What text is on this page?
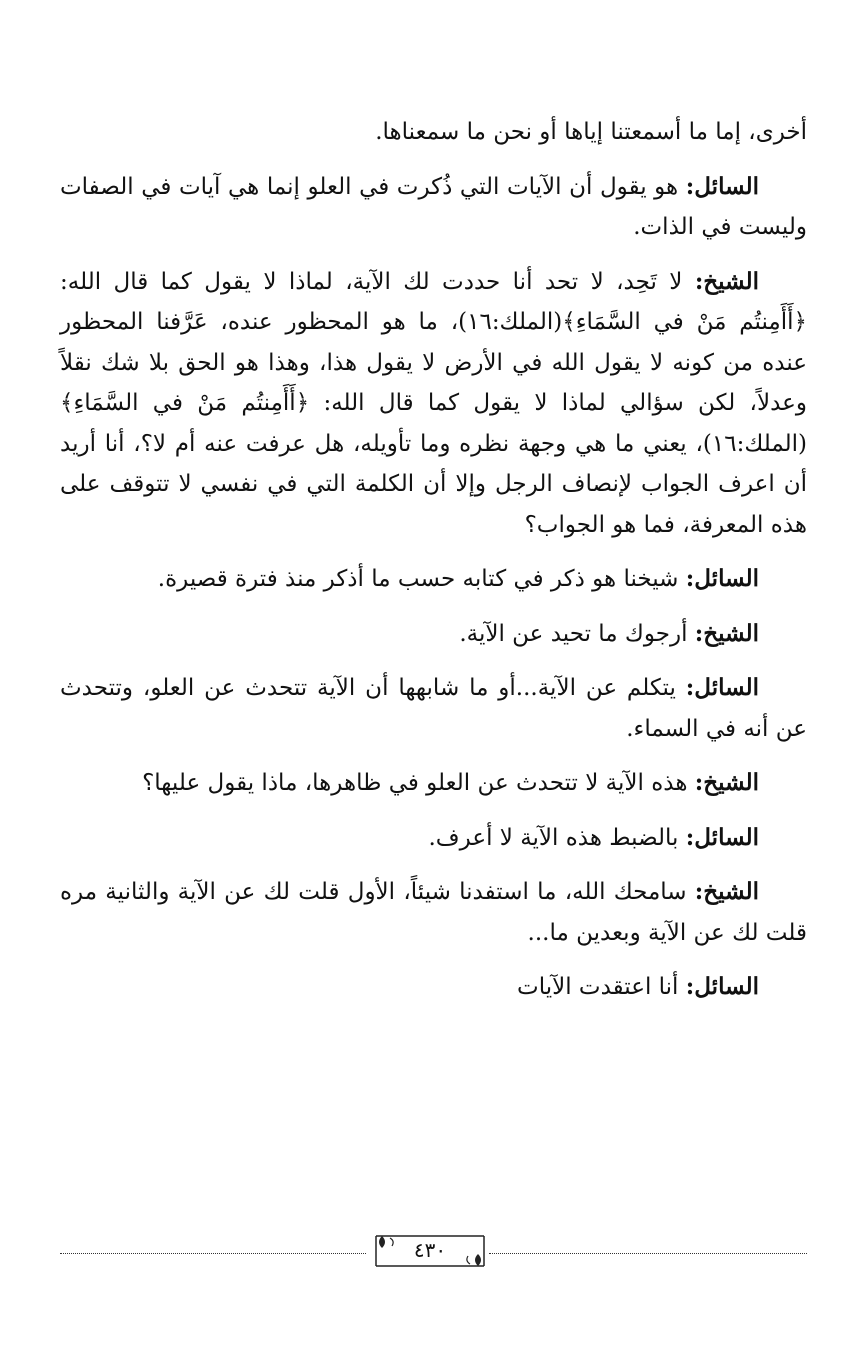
أخرى، إما ما أسمعتنا إياها أو نحن ما سمعناها.

السائل: هو يقول أن الآيات التي ذُكرت في العلو إنما هي آيات في الصفات وليست في الذات.

الشيخ: لا تَحِد، لا تحد أنا حددت لك الآية، لماذا لا يقول كما قال الله: ﴿أَأَمِنتُم مَنْ في السَّمَاءِ﴾(الملك:١٦)، ما هو المحظور عنده، عَرَّفنا المحظور عنده من كونه لا يقول الله في الأرض لا يقول هذا، وهذا هو الحق بلا شك نقلاً وعدلاً، لكن سؤالي لماذا لا يقول كما قال الله: ﴿أَأَمِنتُم مَنْ في السَّمَاءِ﴾(الملك:١٦)، يعني ما هي وجهة نظره وما تأويله، هل عرفت عنه أم لا؟، أنا أريد أن اعرف الجواب لإنصاف الرجل وإلا أن الكلمة التي في نفسي لا تتوقف على هذه المعرفة، فما هو الجواب؟

السائل: شيخنا هو ذكر في كتابه حسب ما أذكر منذ فترة قصيرة.

الشيخ: أرجوك ما تحيد عن الآية.

السائل: يتكلم عن الآية...أو ما شابهها أن الآية تتحدث عن العلو، وتتحدث عن أنه في السماء.

الشيخ: هذه الآية لا تتحدث عن العلو في ظاهرها، ماذا يقول عليها؟

السائل: بالضبط هذه الآية لا أعرف.

الشيخ: سامحك الله، ما استفدنا شيئاً، الأول قلت لك عن الآية والثانية مره قلت لك عن الآية وبعدين ما...

السائل: أنا اعتقدت الآيات

٤٣٠
